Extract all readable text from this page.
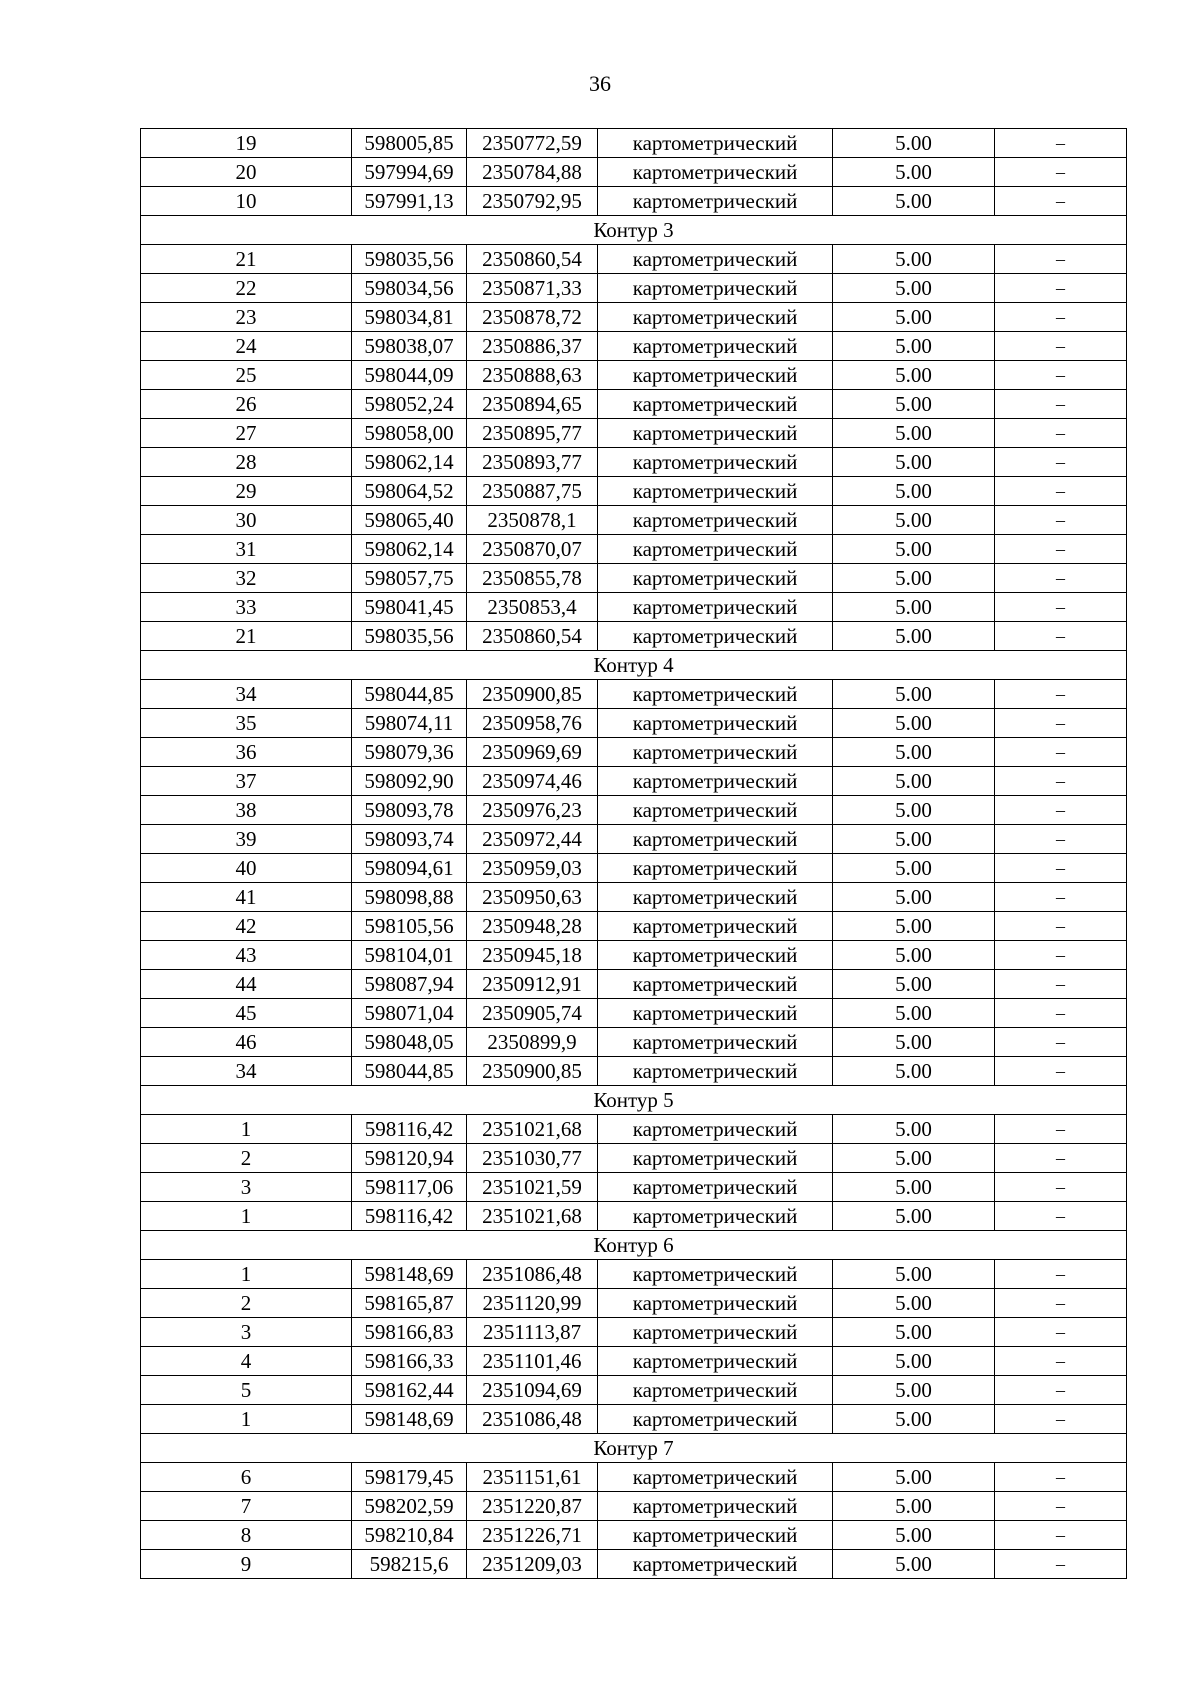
36
19	598005,85	2350772,59	картометрический	5.00	–
20	597994,69	2350784,88	картометрический	5.00	–
10	597991,13	2350792,95	картометрический	5.00	–
Контур 3					
21	598035,56	2350860,54	картометрический	5.00	–
22	598034,56	2350871,33	картометрический	5.00	–
23	598034,81	2350878,72	картометрический	5.00	–
24	598038,07	2350886,37	картометрический	5.00	–
25	598044,09	2350888,63	картометрический	5.00	–
26	598052,24	2350894,65	картометрический	5.00	–
27	598058,00	2350895,77	картометрический	5.00	–
28	598062,14	2350893,77	картометрический	5.00	–
29	598064,52	2350887,75	картометрический	5.00	–
30	598065,40	2350878,1	картометрический	5.00	–
31	598062,14	2350870,07	картометрический	5.00	–
32	598057,75	2350855,78	картометрический	5.00	–
33	598041,45	2350853,4	картометрический	5.00	–
21	598035,56	2350860,54	картометрический	5.00	–
Контур 4					
34	598044,85	2350900,85	картометрический	5.00	–
35	598074,11	2350958,76	картометрический	5.00	–
36	598079,36	2350969,69	картометрический	5.00	–
37	598092,90	2350974,46	картометрический	5.00	–
38	598093,78	2350976,23	картометрический	5.00	–
39	598093,74	2350972,44	картометрический	5.00	–
40	598094,61	2350959,03	картометрический	5.00	–
41	598098,88	2350950,63	картометрический	5.00	–
42	598105,56	2350948,28	картометрический	5.00	–
43	598104,01	2350945,18	картометрический	5.00	–
44	598087,94	2350912,91	картометрический	5.00	–
45	598071,04	2350905,74	картометрический	5.00	–
46	598048,05	2350899,9	картометрический	5.00	–
34	598044,85	2350900,85	картометрический	5.00	–
Контур 5					
1	598116,42	2351021,68	картометрический	5.00	–
2	598120,94	2351030,77	картометрический	5.00	–
3	598117,06	2351021,59	картометрический	5.00	–
1	598116,42	2351021,68	картометрический	5.00	–
Контур 6					
1	598148,69	2351086,48	картометрический	5.00	–
2	598165,87	2351120,99	картометрический	5.00	–
3	598166,83	2351113,87	картометрический	5.00	–
4	598166,33	2351101,46	картометрический	5.00	–
5	598162,44	2351094,69	картометрический	5.00	–
1	598148,69	2351086,48	картометрический	5.00	–
Контур 7					
6	598179,45	2351151,61	картометрический	5.00	–
7	598202,59	2351220,87	картометрический	5.00	–
8	598210,84	2351226,71	картометрический	5.00	–
9	598215,6	2351209,03	картометрический	5.00	–
